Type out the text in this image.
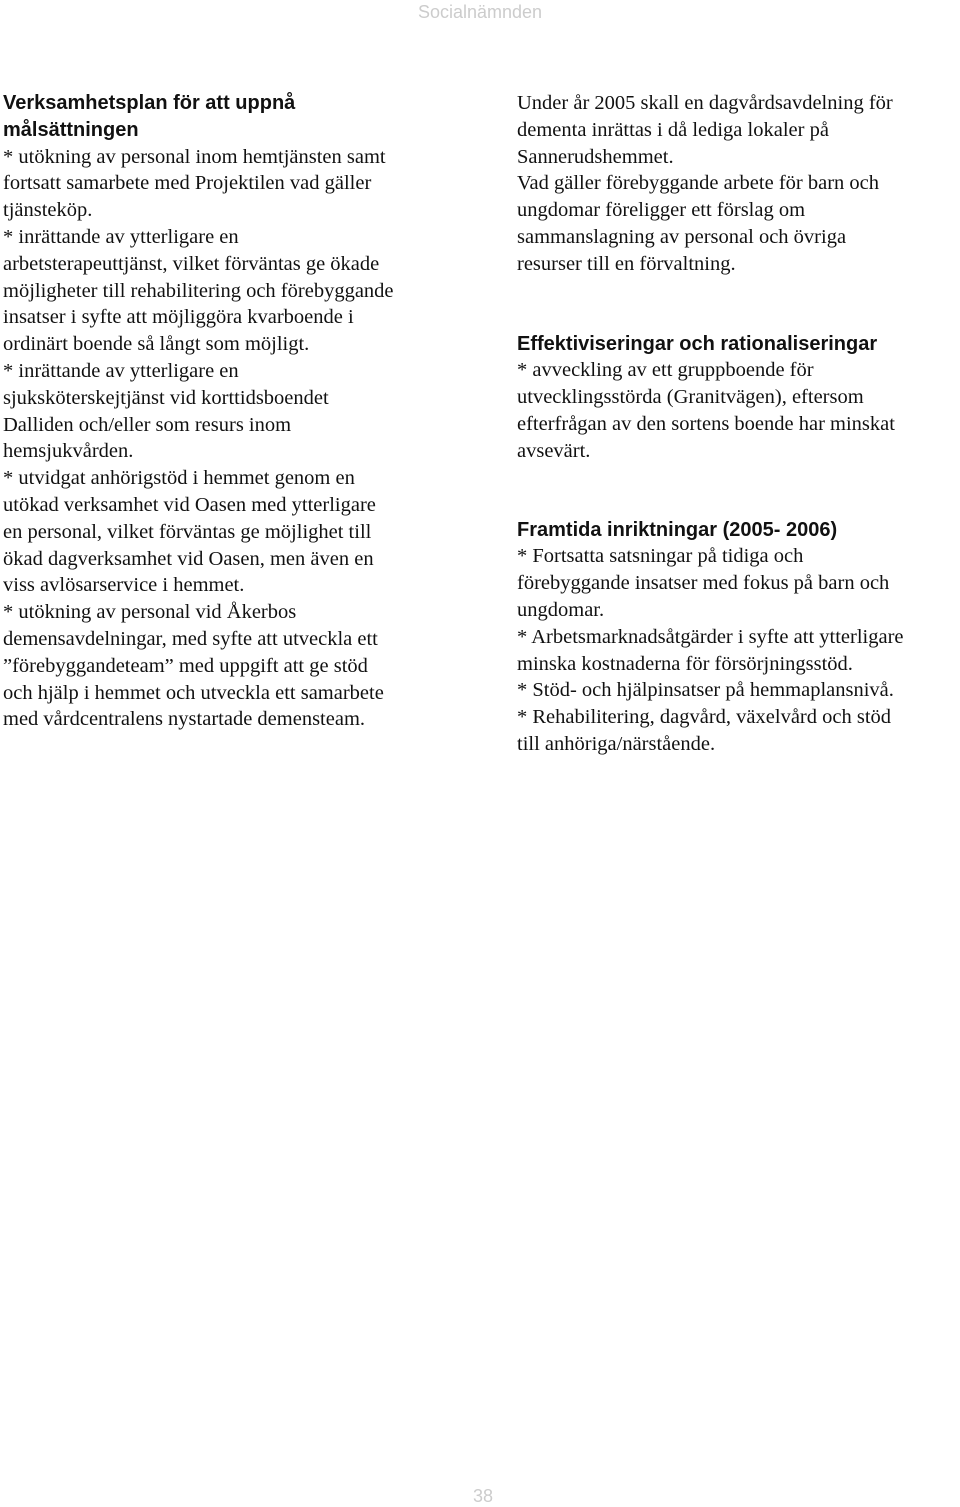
Socialnämnden
Verksamhetsplan för att uppnå
målsättningen
* utökning av personal inom hemtjänsten samt
fortsatt samarbete med Projektilen vad gäller
tjänsteköp.
* inrättande av ytterligare en
arbetsterapeuttjänst, vilket förväntas ge ökade
möjligheter till rehabilitering och förebyggande
insatser i syfte att möjliggöra kvarboende i
ordinärt boende så långt som möjligt.
* inrättande av ytterligare en
sjuksköterskejtjänst vid korttidsboendet
Dalliden och/eller som resurs inom
hemsjukvården.
* utvidgat anhörigstöd i hemmet genom en
utökad verksamhet vid Oasen med ytterligare
en personal, vilket förväntas ge möjlighet till
ökad dagverksamhet vid Oasen, men även en
viss avlösarservice i hemmet.
* utökning av personal vid Åkerbos
demensavdelningar, med syfte att utveckla ett
”förebyggandeteam” med uppgift att ge stöd
och hjälp i hemmet och utveckla ett samarbete
med vårdcentralens nystartade demensteam.
Under år 2005 skall en dagvårdsavdelning för
dementa inrättas i då lediga lokaler på
Sannerudshemmet.
Vad gäller förebyggande arbete för barn och
ungdomar föreligger ett förslag om
sammanslagning av personal och övriga
resurser till en förvaltning.
Effektiviseringar och rationaliseringar
* avveckling av ett gruppboende för
utvecklingsstörda (Granitvägen), eftersom
efterfrågan av den sortens boende har minskat
avsevärt.
Framtida inriktningar (2005- 2006)
* Fortsatta satsningar på tidiga och
förebyggande insatser med fokus på barn och
ungdomar.
* Arbetsmarknadsåtgärder i syfte att ytterligare
minska kostnaderna för försörjningsstöd.
* Stöd- och hjälpinsatser på hemmaplansnivå.
* Rehabilitering, dagvård, växelvård och stöd
till anhöriga/närstående.
38
